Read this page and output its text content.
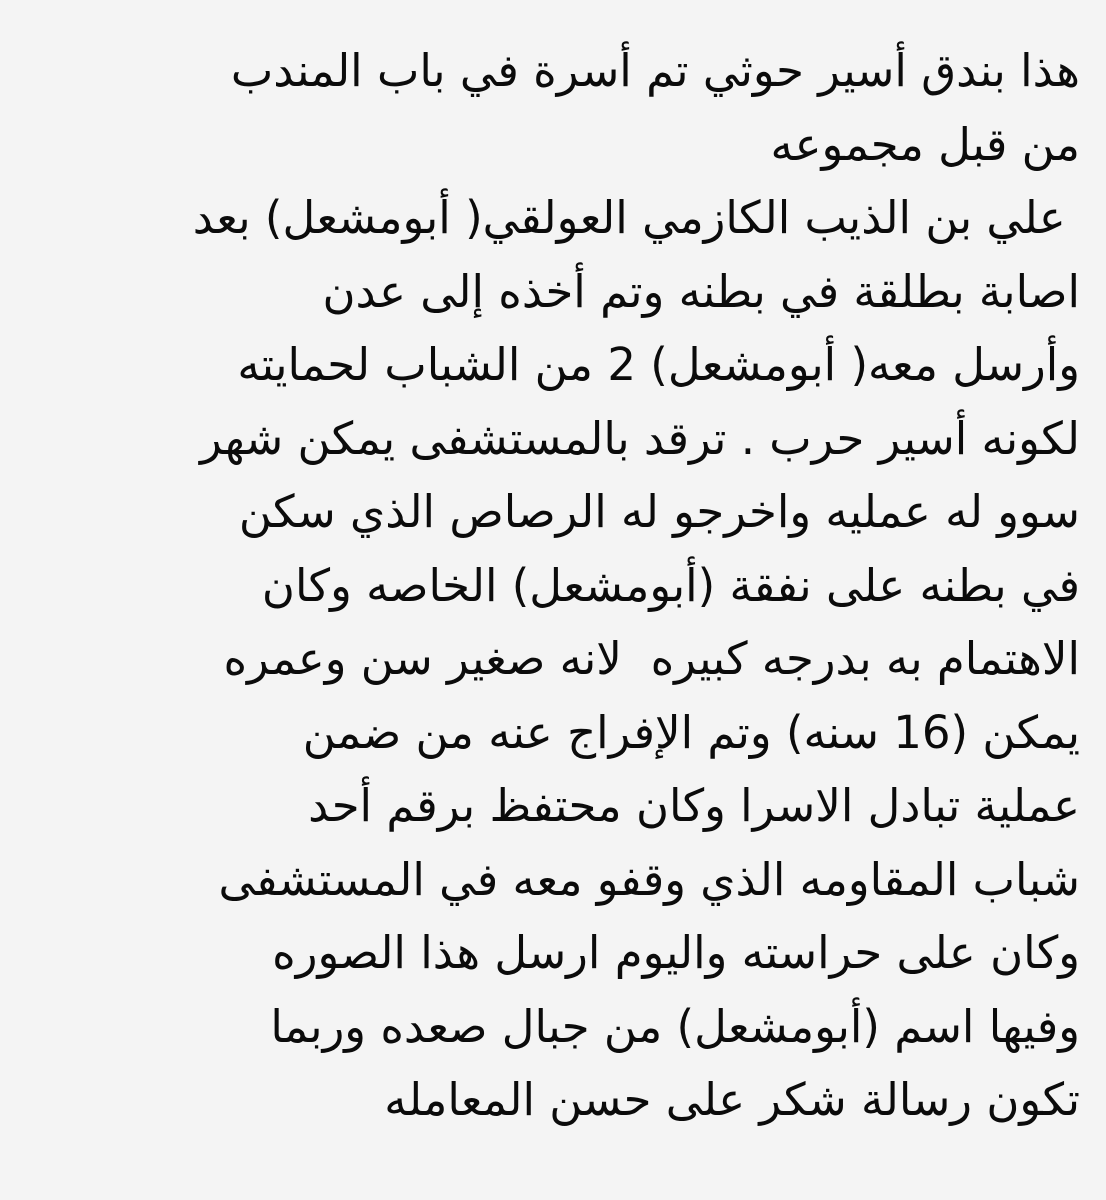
هذا بندق أسير حوثي تم أسرة في باب المندب
من قبل مجموعه
علي بن الذيب الكازمي العولقي( أبومشعل) بعد
اصابة بطلقة في بطنه وتم أخذه إلى عدن
وأرسل معه( أبومشعل) 2 من الشباب لحمايته
لكونه أسير حرب . ترقد بالمستشفى يمكن شهر
سوو له عمليه واخرجو له الرصاص الذي سكن
في بطنه على نفقة (أبومشعل) الخاصه وكان
الاهتمام به بدرجه كبيره  لانه صغير سن وعمره
يمكن (16 سنه) وتم الإفراج عنه من ضمن
عملية تبادل الاسرا وكان محتفظ برقم أحد
شباب المقاومه الذي وقفو معه في المستشفى
وكان على حراسته واليوم ارسل هذا الصوره
وفيها اسم (أبومشعل) من جبال صعده وربما
تكون رسالة شكر على حسن المعامله
